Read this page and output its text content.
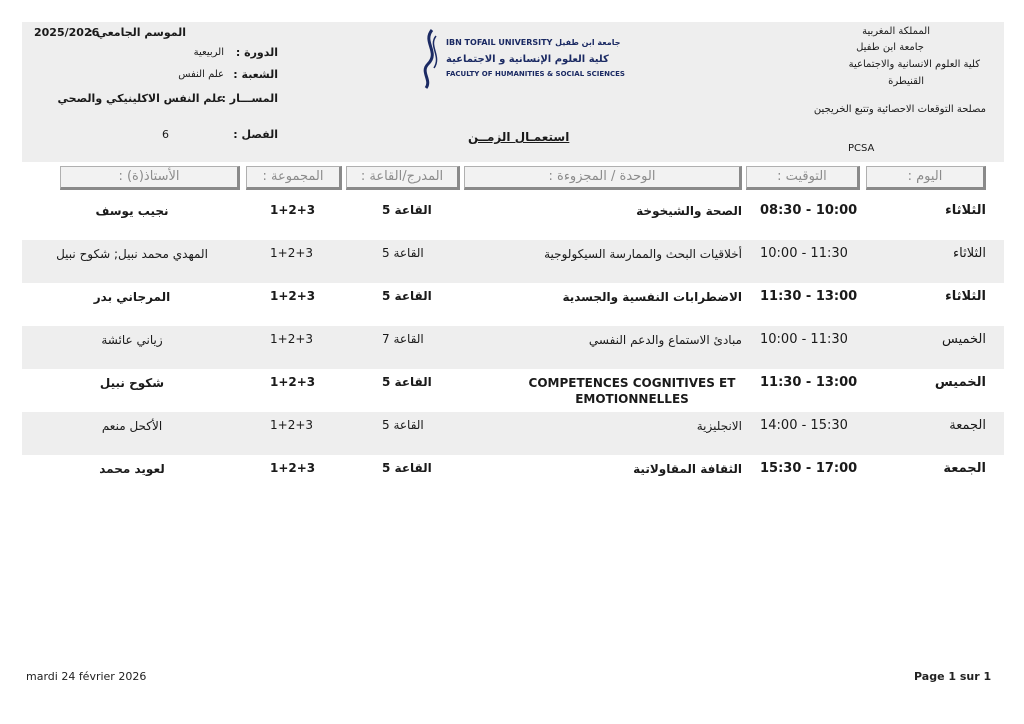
الموسم الجامعي :
2025/2026
الدورة :
الربيعية
الشعبة :
علم النفس
المســـار :
علم النفس الاكلينيكي والصحي
الفصل :
6
IBN TOFAIL UNIVERSITY جامعة ابن طفيل
كلية العلوم الإنسانية و الاجتماعية
FACULTY OF HUMANITIES & SOCIAL SCIENCES
استعمـال الزمــن
المملكة المغربية
جامعة ابن طفيل
كلية العلوم الانسانية والاجتماعية
القنيطرة
مصلحة التوقعات الاحصائية وتتبع الخريجين
PCSA
اليوم :
التوقيت :
الوحدة / المجزوءة :
المدرج/القاعة :
المجموعة :
الأستاذ(ة) :
الثلاثاء
08:30 - 10:00
الصحة والشيخوخة
القاعة 5
1+2+3
نجيب يوسف
الثلاثاء
10:00 - 11:30
أخلاقيات البحث والممارسة السيكولوجية
القاعة 5
1+2+3
المهدي محمد نبيل; شكوح نبيل
الثلاثاء
11:30 - 13:00
الاضطرابات النفسية والجسدية
القاعة 5
1+2+3
المرجاني بدر
الخميس
10:00 - 11:30
مبادئ الاستماع والدعم النفسي
القاعة 7
1+2+3
زياني عائشة
الخميس
11:30 - 13:00
COMPETENCES COGNITIVES ET EMOTIONNELLES
القاعة 5
1+2+3
شكوح نبيل
الجمعة
14:00 - 15:30
الانجليزية
القاعة 5
1+2+3
الأكحل منعم
الجمعة
15:30 - 17:00
الثقافة المقاولاتية
القاعة 5
1+2+3
لعويد محمد
mardi 24 février 2026	Page 1 sur 1
